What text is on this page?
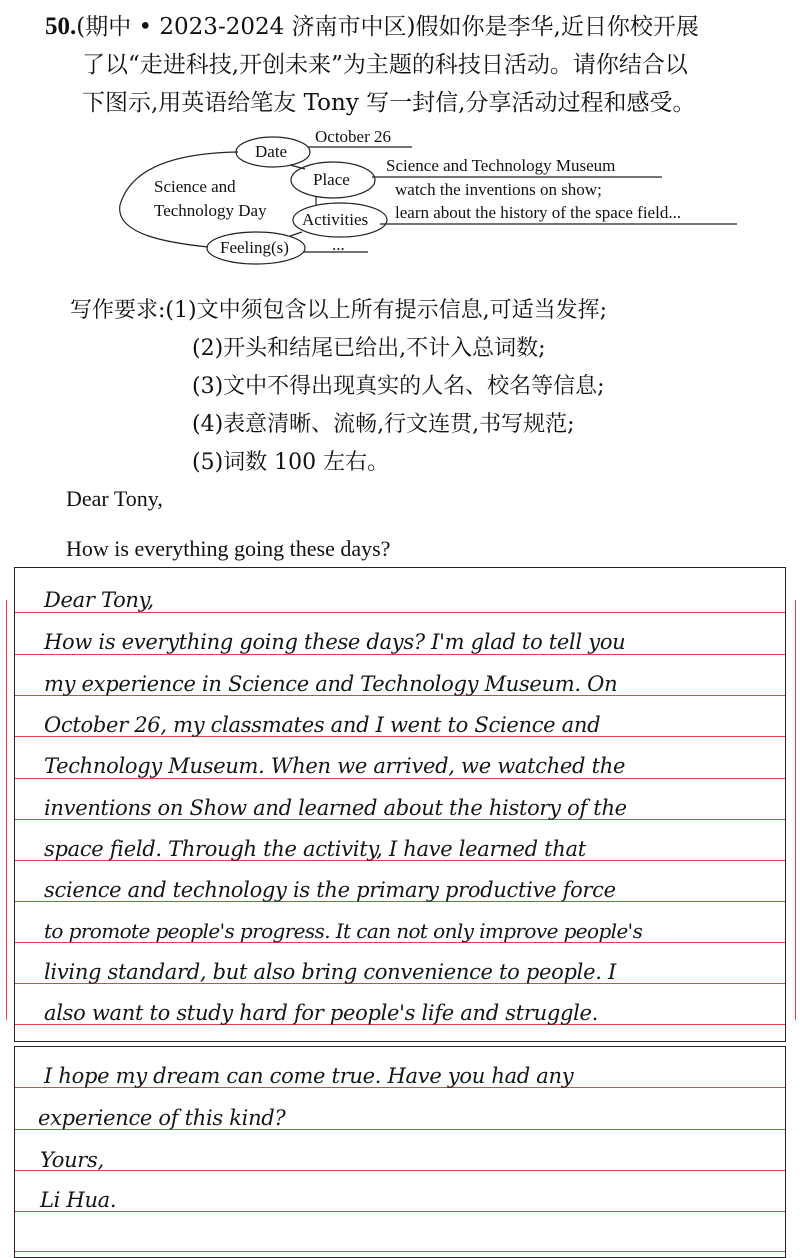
50.(期中 • 2023-2024 济南市中区)假如你是李华,近日你校开展
了以“走进科技,开创未来”为主题的科技日活动。请你结合以
下图示,用英语给笔友 Tony 写一封信,分享活动过程和感受。
Science and
Technology Day
Date
Place
Activities
Feeling(s)
October 26
Science and Technology Museum
watch the inventions on show;
learn about the history of the space field...
...
写作要求:(1)文中须包含以上所有提示信息,可适当发挥;
(2)开头和结尾已给出,不计入总词数;
(3)文中不得出现真实的人名、校名等信息;
(4)表意清晰、流畅,行文连贯,书写规范;
(5)词数 100 左右。
Dear Tony,
How is everything going these days?
Dear Tony,
How is everything going these days? I'm glad to tell you
my experience in Science and Technology Museum. On
October 26, my classmates and I went to Science and
Technology Museum. When we arrived, we watched the
inventions on Show and learned about the history of the
space field. Through the activity, I have learned that
science and technology is the primary productive force
to promote people's progress. It can not only improve people's
living standard, but also bring convenience to people. I
also want to study hard for people's life and struggle.
I hope my dream can come true. Have you had any
experience of this kind?
Yours,
Li Hua.
